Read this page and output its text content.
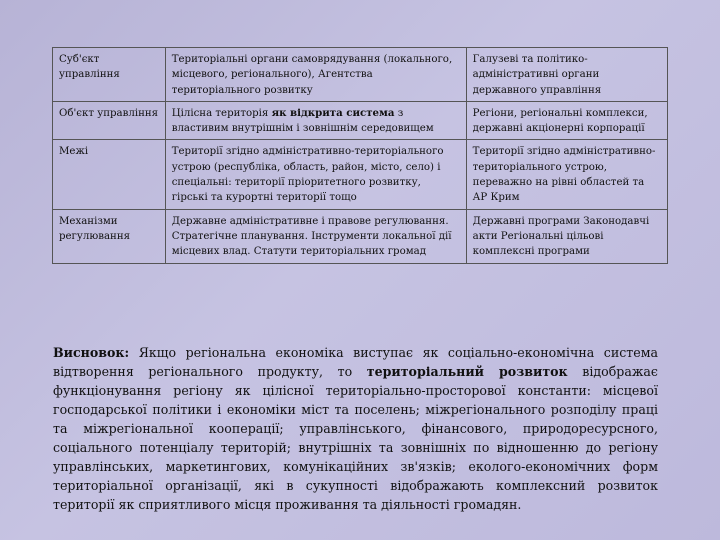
Суб'єкт управління	Територіальні органи самоврядування (локального, місцевого, регіонального), Агентства територіального розвитку	Галузеві та політико-адміністративні органи державного управління
Об'єкт управління	Цілісна територія як відкрита система з властивим внутрішнім і зовнішнім середовищем	Регіони, регіональні комплекси, державні акціонерні корпорації
Межі	Території згідно адміністративно-територіального устрою (республіка, область, район, місто, село) і спеціальні: території пріоритетного розвитку, гірські та курортні території тощо	Території згідно адміністративно-територіального устрою, переважно на рівні областей та АР Крим
Механізми регулювання	Державне адміністративне і правове регулювання. Стратегічне планування. Інструменти локальної дії місцевих влад. Статути територіальних громад	Державні програми Законодавчі акти Регіональні цільові комплексні програми
Висновок: Якщо регіональна економіка виступає як соціально-економічна система відтворення регіонального продукту, то територіальний розвиток відображає функціонування регіону як цілісної територіально-просторової константи: місцевої господарської політики і економіки міст та поселень; міжрегіонального розподілу праці та міжрегіональної кооперації; управлінського, фінансового, природоресурсного, соціального потенціалу територій; внутрішніх та зовнішніх по відношенню до регіону управлінських, маркетингових, комунікаційних зв'язків; еколого-економічних форм територіальної організації, які в сукупності відображають комплексний розвиток території як сприятливого місця проживання та діяльності громадян.
